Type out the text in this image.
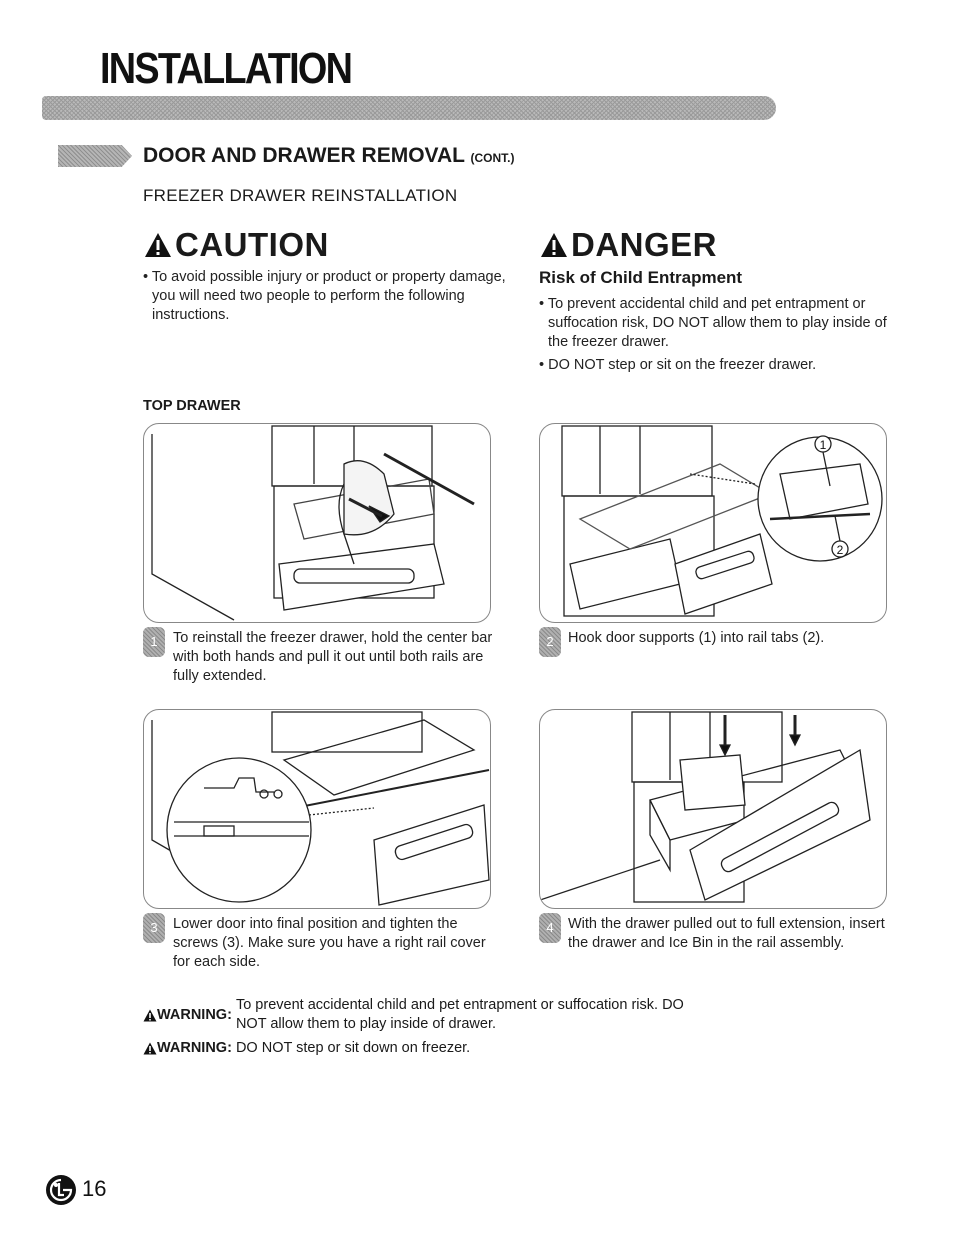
INSTALLATION
DOOR AND DRAWER REMOVAL (CONT.)
FREEZER DRAWER REINSTALLATION
CAUTION
• To avoid possible injury or product or property damage, you will need two people to perform the following instructions.
DANGER
Risk of Child Entrapment
• To prevent accidental child and pet entrapment or suffocation risk, DO NOT allow them to play inside of the freezer drawer.
• DO NOT step or sit on the freezer drawer.
TOP DRAWER
1
2
1	To reinstall the freezer drawer, hold the center bar with both hands and pull it out until both rails are fully extended.
2 Hook door supports (1) into rail tabs (2).
3	Lower door into final position and tighten the screws (3). Make sure you have a right rail cover for each side.
4 With the drawer pulled out to full extension, insert the drawer and Ice Bin in the rail assembly.
WARNING:

To prevent accidental child and pet entrapment or suffocation risk. DO NOT allow them to play inside of drawer.
WARNING:
DO NOT step or sit down on freezer.
16
